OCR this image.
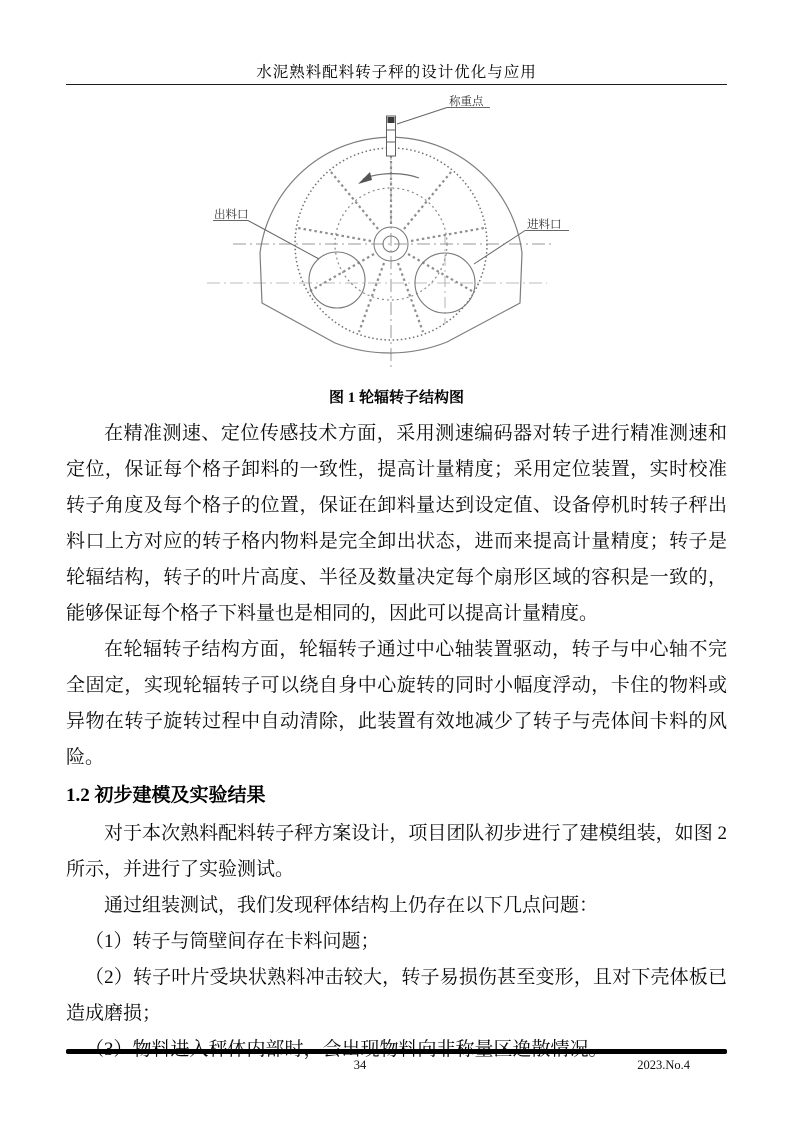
水泥熟料配料转子秤的设计优化与应用
称重点
出料口
进料口
图 1 轮辐转子结构图

在精准测速、定位传感技术方面，采用测速编码器对转子进行精准测速和定位，保证每个格子卸料的一致性，提高计量精度；采用定位装置，实时校准转子角度及每个格子的位置，保证在卸料量达到设定值、设备停机时转子秤出料口上方对应的转子格内物料是完全卸出状态，进而来提高计量精度；转子是轮辐结构，转子的叶片高度、半径及数量决定每个扇形区域的容积是一致的，能够保证每个格子下料量也是相同的，因此可以提高计量精度。

在轮辐转子结构方面，轮辐转子通过中心轴装置驱动，转子与中心轴不完全固定，实现轮辐转子可以绕自身中心旋转的同时小幅度浮动，卡住的物料或异物在转子旋转过程中自动清除，此装置有效地减少了转子与壳体间卡料的风险。

1.2 初步建模及实验结果

对于本次熟料配料转子秤方案设计，项目团队初步进行了建模组装，如图 2 所示，并进行了实验测试。

通过组装测试，我们发现秤体结构上仍存在以下几点问题：

（1）转子与筒壁间存在卡料问题；

（2）转子叶片受块状熟料冲击较大，转子易损伤甚至变形，且对下壳体板已造成磨损；

34	2023.No.4
